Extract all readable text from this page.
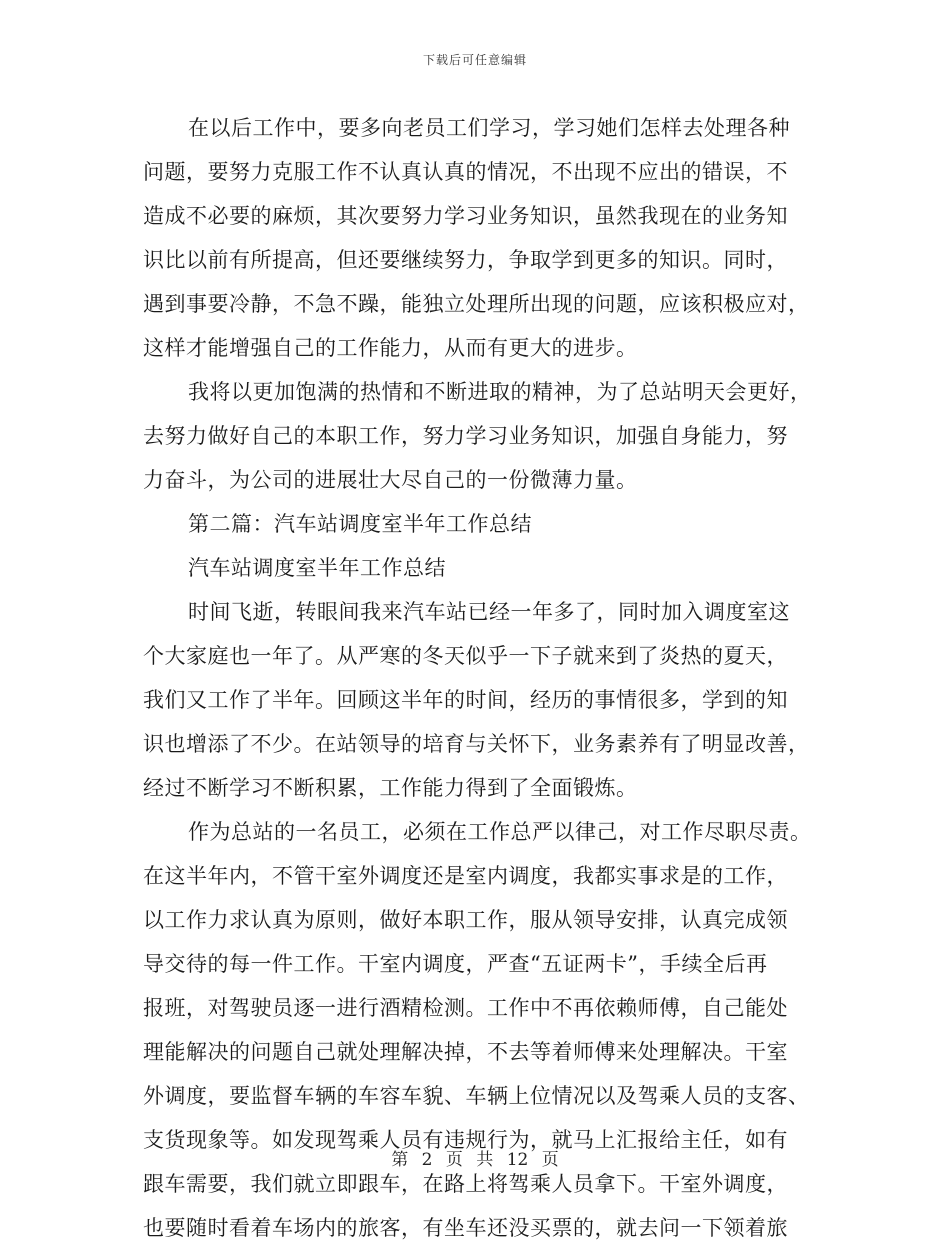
下载后可任意编辑
在以后工作中，要多向老员工们学习，学习她们怎样去处理各种
问题，要努力克服工作不认真认真的情况，不出现不应出的错误，不
造成不必要的麻烦，其次要努力学习业务知识，虽然我现在的业务知
识比以前有所提高，但还要继续努力，争取学到更多的知识。同时，
遇到事要冷静，不急不躁，能独立处理所出现的问题，应该积极应对，
这样才能增强自己的工作能力，从而有更大的进步。
我将以更加饱满的热情和不断进取的精神，为了总站明天会更好，
去努力做好自己的本职工作，努力学习业务知识，加强自身能力，努
力奋斗，为公司的进展壮大尽自己的一份微薄力量。
第二篇：汽车站调度室半年工作总结
汽车站调度室半年工作总结
时间飞逝，转眼间我来汽车站已经一年多了，同时加入调度室这
个大家庭也一年了。从严寒的冬天似乎一下子就来到了炎热的夏天，
我们又工作了半年。回顾这半年的时间，经历的事情很多，学到的知
识也增添了不少。在站领导的培育与关怀下，业务素养有了明显改善，
经过不断学习不断积累，工作能力得到了全面锻炼。
作为总站的一名员工，必须在工作总严以律己，对工作尽职尽责。
在这半年内，不管干室外调度还是室内调度，我都实事求是的工作，
以工作力求认真为原则，做好本职工作，服从领导安排，认真完成领
导交待的每一件工作。干室内调度，严查“五证两卡”，手续全后再
报班，对驾驶员逐一进行酒精检测。工作中不再依赖师傅，自己能处
理能解决的问题自己就处理解决掉，不去等着师傅来处理解决。干室
外调度，要监督车辆的车容车貌、车辆上位情况以及驾乘人员的支客、
支货现象等。如发现驾乘人员有违规行为，就马上汇报给主任，如有
跟车需要，我们就立即跟车，在路上将驾乘人员拿下。干室外调度，
也要随时看着车场内的旅客，有坐车还没买票的，就去问一下领着旅
第 2 页 共 12 页
